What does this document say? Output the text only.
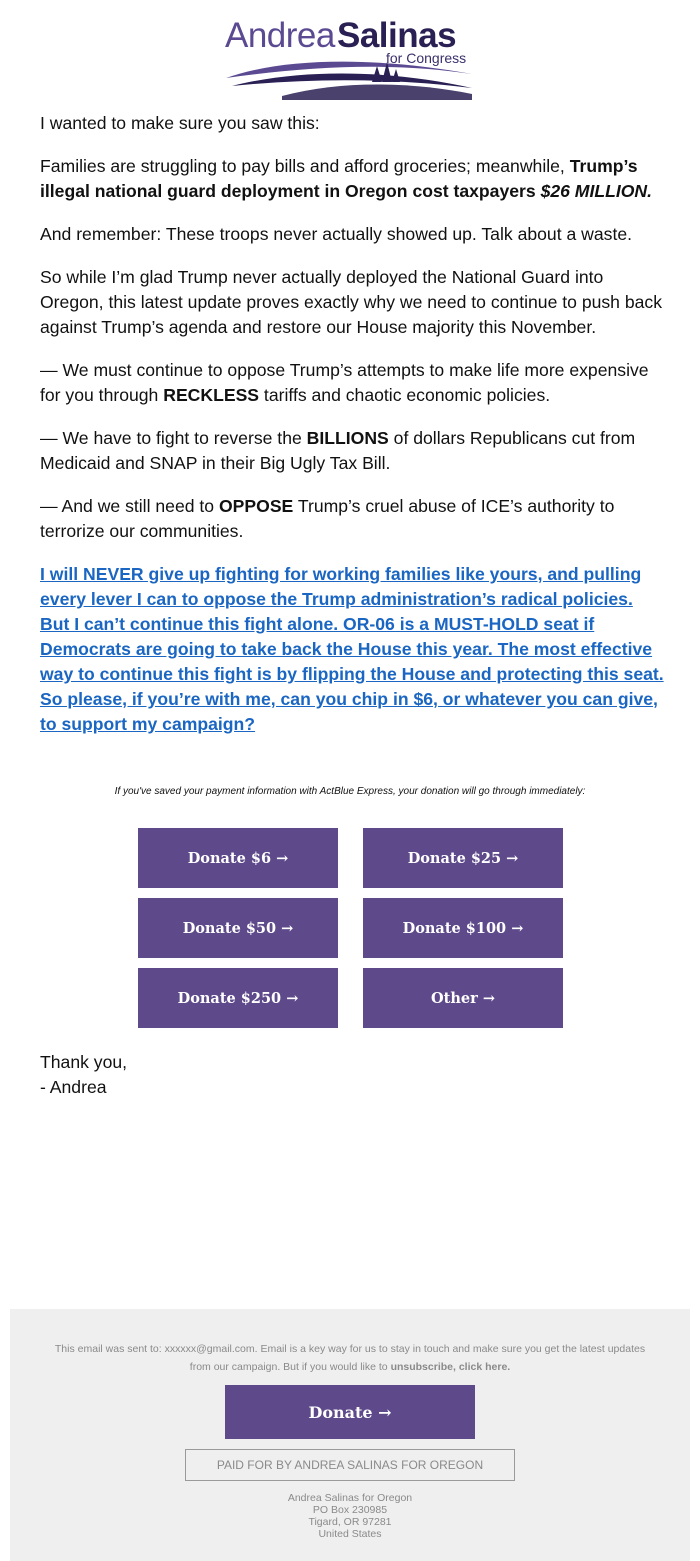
Andrea Salinas
for Congress

I wanted to make sure you saw this:

Families are struggling to pay bills and afford groceries; meanwhile, Trump’s illegal national guard deployment in Oregon cost taxpayers $26 MILLION.

And remember: These troops never actually showed up. Talk about a waste.

So while I’m glad Trump never actually deployed the National Guard into Oregon, this latest update proves exactly why we need to continue to push back against Trump’s agenda and restore our House majority this November.

— We must continue to oppose Trump’s attempts to make life more expensive for you through RECKLESS tariffs and chaotic economic policies.

— We have to fight to reverse the BILLIONS of dollars Republicans cut from Medicaid and SNAP in their Big Ugly Tax Bill.

— And we still need to OPPOSE Trump’s cruel abuse of ICE’s authority to terrorize our communities.

I will NEVER give up fighting for working families like yours, and pulling every lever I can to oppose the Trump administration’s radical policies. But I can’t continue this fight alone. OR-06 is a MUST-HOLD seat if Democrats are going to take back the House this year. The most effective way to continue this fight is by flipping the House and protecting this seat. So please, if you’re with me, can you chip in $6, or whatever you can give, to support my campaign?
If you've saved your payment information with ActBlue Express, your donation will go through immediately:
Donate $6 →	Donate $25 →
Donate $50 →	Donate $100 →
Donate $250 →	Other →
Thank you,
- Andrea
This email was sent to: xxxxxx@gmail.com. Email is a key way for us to stay in touch and make sure you get the latest updates from our campaign. But if you would like to unsubscribe, click here.
Donate →
PAID FOR BY ANDREA SALINAS FOR OREGON
Andrea Salinas for Oregon
PO Box 230985
Tigard, OR 97281
United States
